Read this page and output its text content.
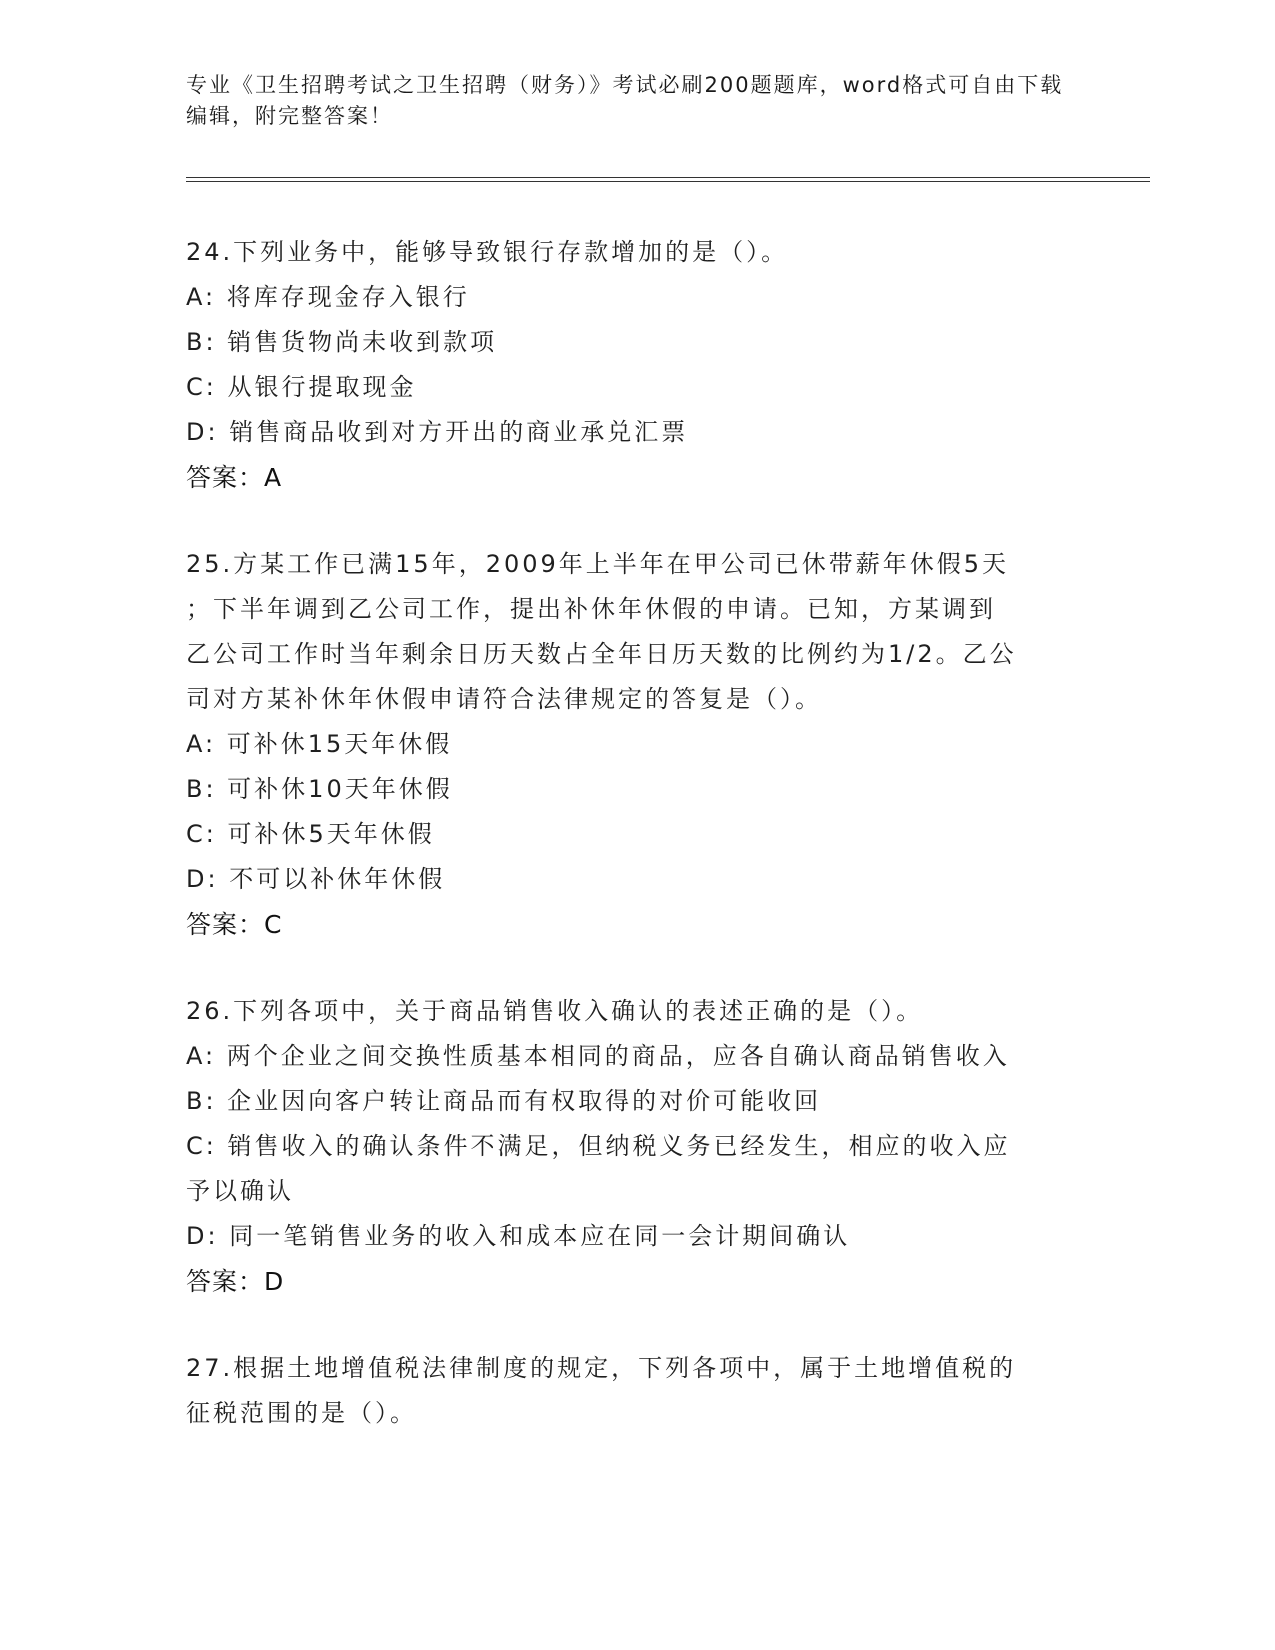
专业《卫生招聘考试之卫生招聘（财务）》考试必刷200题题库，word格式可自由下载编辑，附完整答案！
24.下列业务中，能够导致银行存款增加的是（）。
A: 将库存现金存入银行
B: 销售货物尚未收到款项
C: 从银行提取现金
D: 销售商品收到对方开出的商业承兑汇票
答案：A
25.方某工作已满15年，2009年上半年在甲公司已休带薪年休假5天
；下半年调到乙公司工作，提出补休年休假的申请。已知，方某调到
乙公司工作时当年剩余日历天数占全年日历天数的比例约为1/2。乙公
司对方某补休年休假申请符合法律规定的答复是（）。
A: 可补休15天年休假
B: 可补休10天年休假
C: 可补休5天年休假
D: 不可以补休年休假
答案：C
26.下列各项中，关于商品销售收入确认的表述正确的是（）。
A: 两个企业之间交换性质基本相同的商品，应各自确认商品销售收入
B: 企业因向客户转让商品而有权取得的对价可能收回
C: 销售收入的确认条件不满足，但纳税义务已经发生，相应的收入应
予以确认
D: 同一笔销售业务的收入和成本应在同一会计期间确认
答案：D
27.根据土地增值税法律制度的规定，下列各项中，属于土地增值税的
征税范围的是（）。
